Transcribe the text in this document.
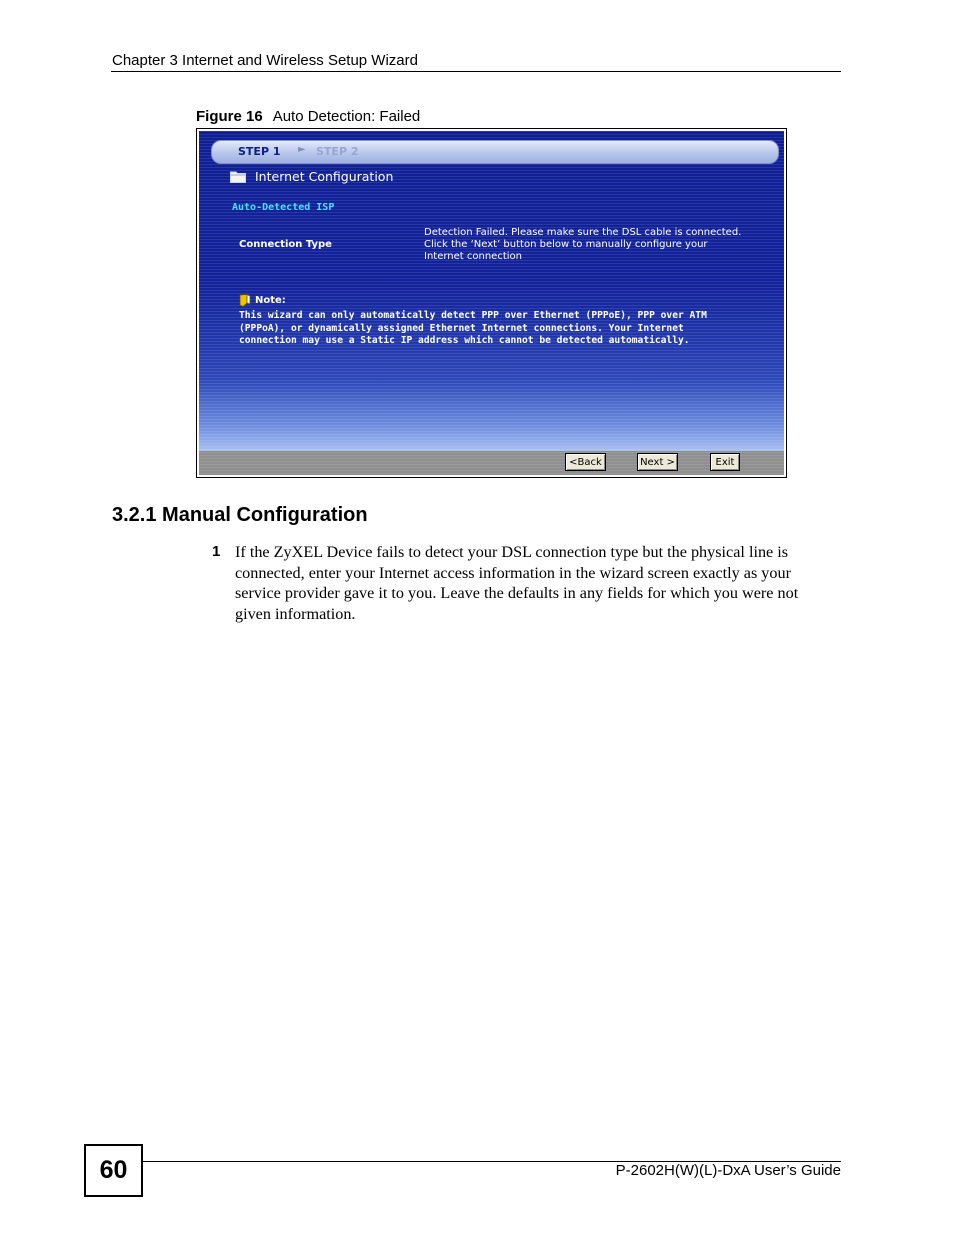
Chapter 3 Internet and Wireless Setup Wizard
Figure 16 Auto Detection: Failed
STEP 1 ► STEP 2
Internet Configuration
Auto-Detected ISP
Connection Type
Detection Failed. Please make sure the DSL cable is connected.
Click the ‘Next’ button below to manually configure your
Internet connection
Note:
This wizard can only automatically detect PPP over Ethernet (PPPoE), PPP over ATM
(PPPoA), or dynamically assigned Ethernet Internet connections. Your Internet
connection may use a Static IP address which cannot be detected automatically.
<Back	Next >	Exit
3.2.1 Manual Configuration
1 If the ZyXEL Device fails to detect your DSL connection type but the physical line is
connected, enter your Internet access information in the wizard screen exactly as your
service provider gave it to you. Leave the defaults in any fields for which you were not
given information.
60	P-2602H(W)(L)-DxA User’s Guide
